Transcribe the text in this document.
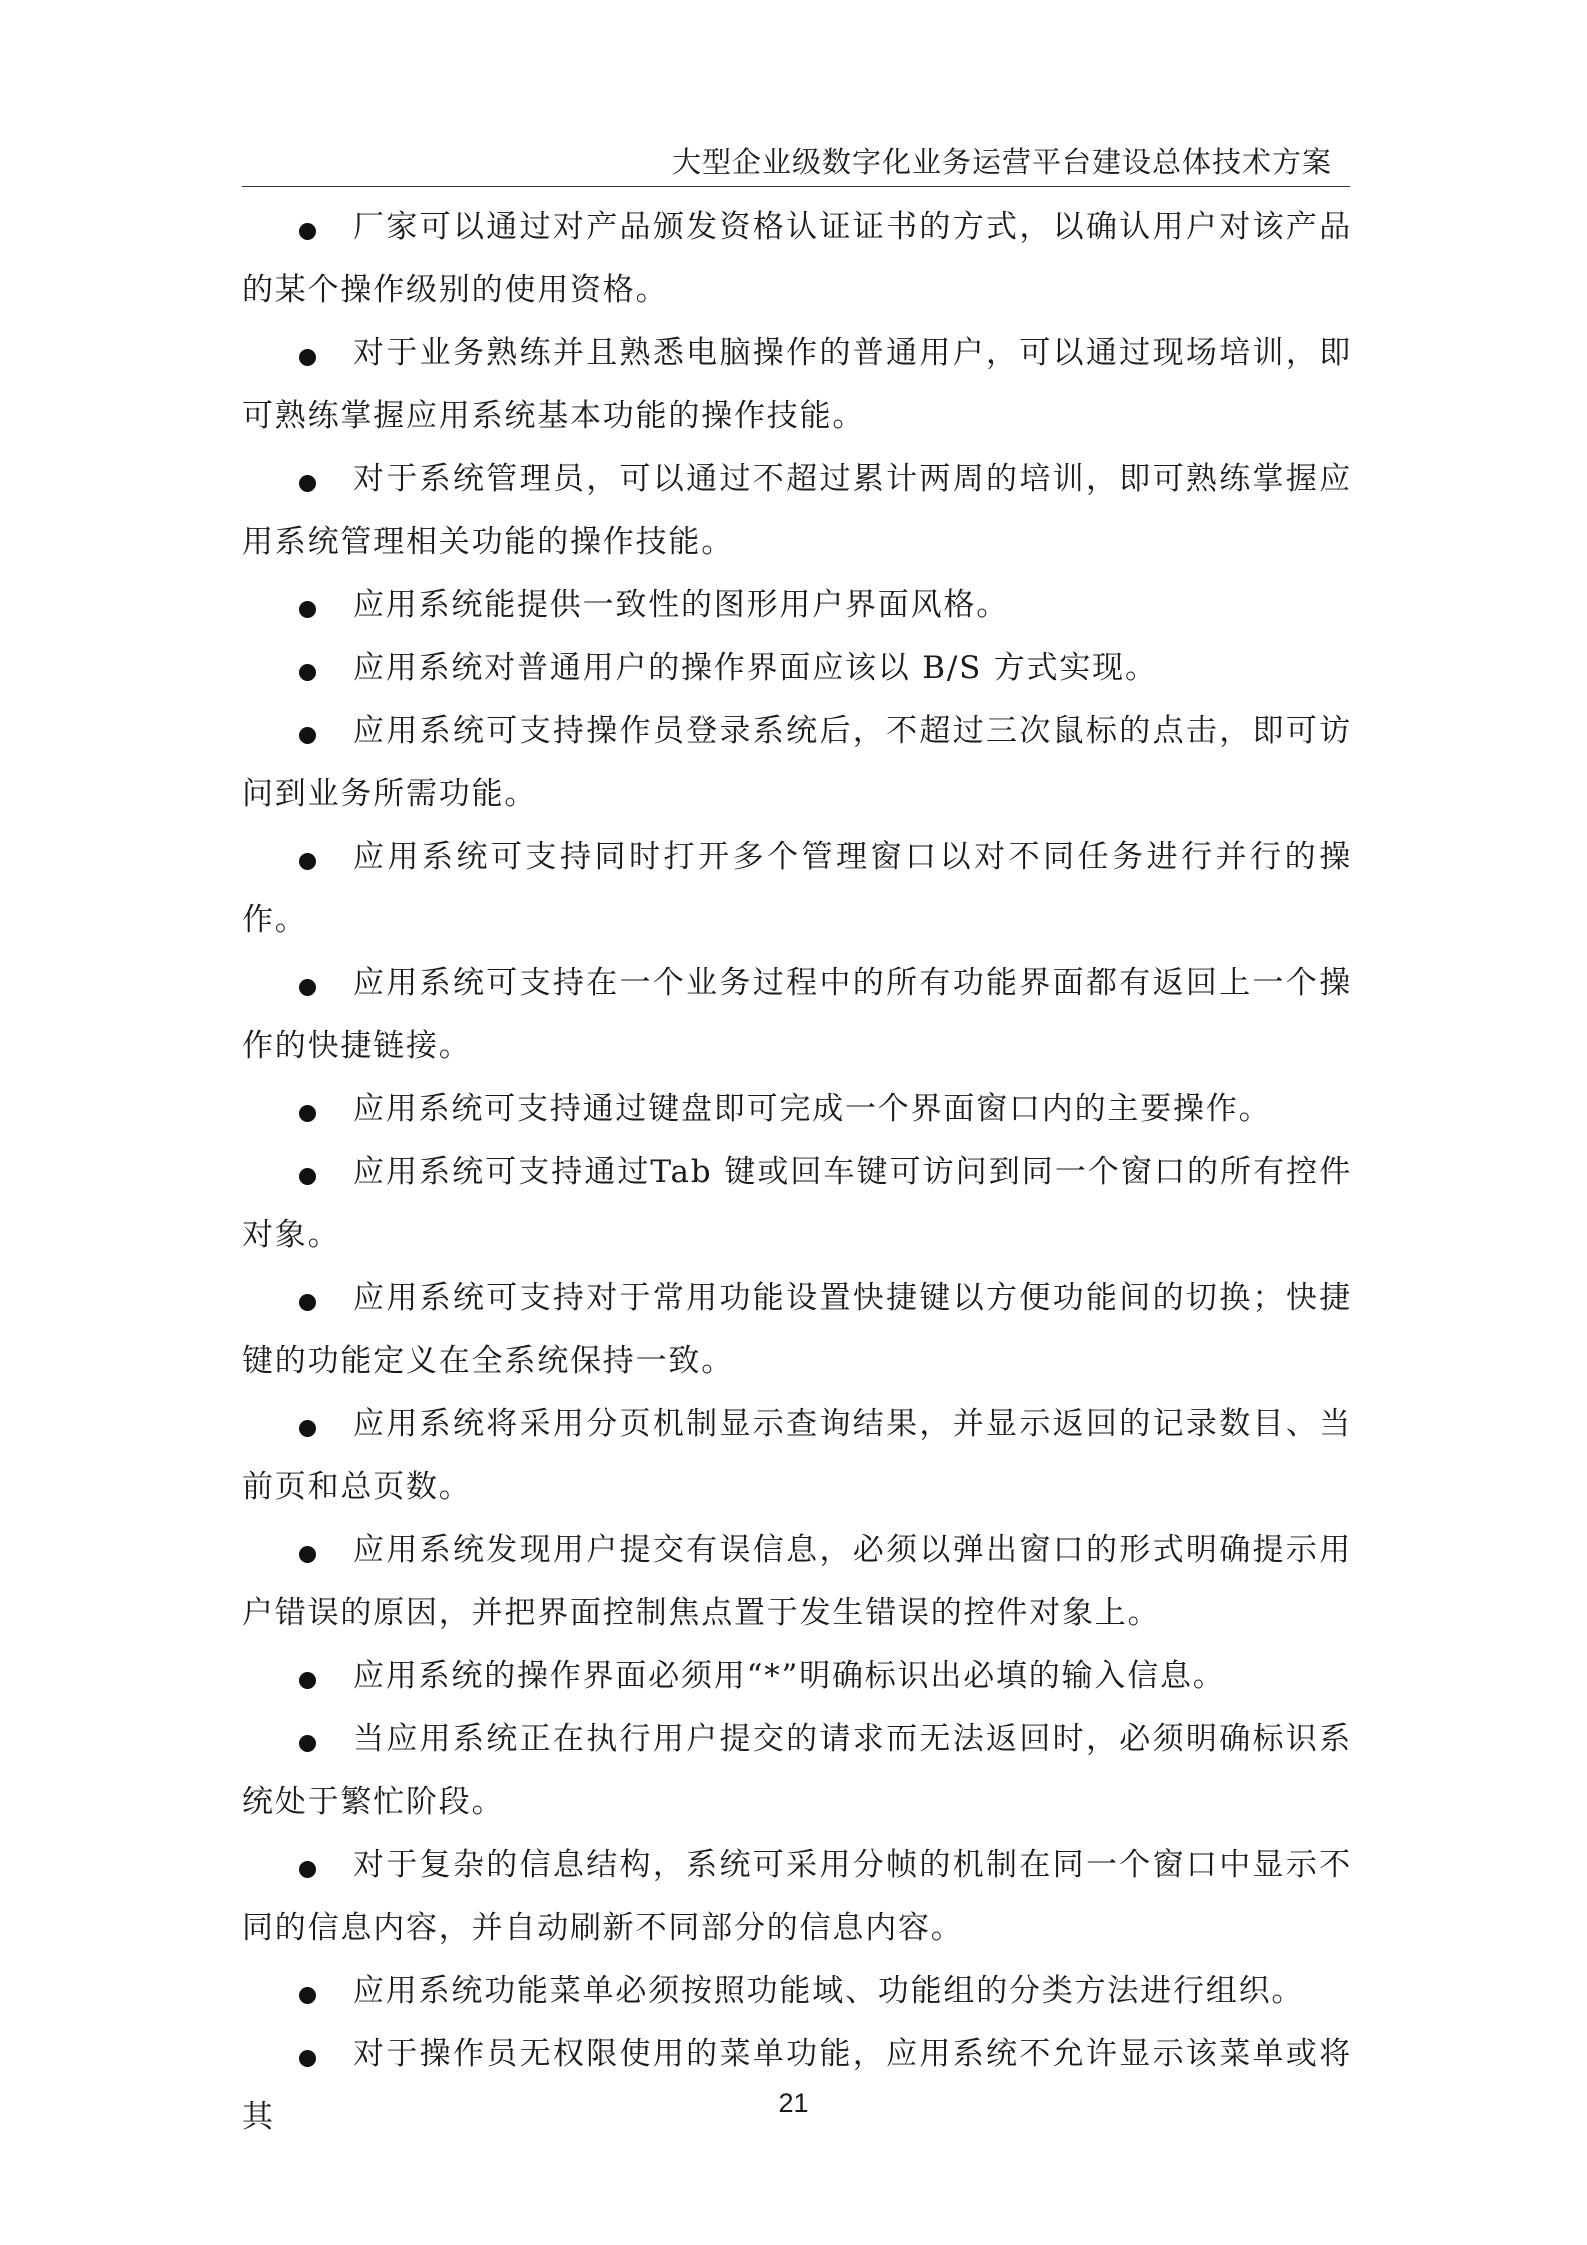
大型企业级数字化业务运营平台建设总体技术方案
厂家可以通过对产品颁发资格认证证书的方式，以确认用户对该产品的某个操作级别的使用资格。
对于业务熟练并且熟悉电脑操作的普通用户，可以通过现场培训，即可熟练掌握应用系统基本功能的操作技能。
对于系统管理员，可以通过不超过累计两周的培训，即可熟练掌握应用系统管理相关功能的操作技能。
应用系统能提供一致性的图形用户界面风格。
应用系统对普通用户的操作界面应该以 B/S 方式实现。
应用系统可支持操作员登录系统后，不超过三次鼠标的点击，即可访问到业务所需功能。
应用系统可支持同时打开多个管理窗口以对不同任务进行并行的操作。
应用系统可支持在一个业务过程中的所有功能界面都有返回上一个操作的快捷链接。
应用系统可支持通过键盘即可完成一个界面窗口内的主要操作。
应用系统可支持通过Tab 键或回车键可访问到同一个窗口的所有控件对象。
应用系统可支持对于常用功能设置快捷键以方便功能间的切换；快捷键的功能定义在全系统保持一致。
应用系统将采用分页机制显示查询结果，并显示返回的记录数目、当前页和总页数。
应用系统发现用户提交有误信息，必须以弹出窗口的形式明确提示用户错误的原因，并把界面控制焦点置于发生错误的控件对象上。
应用系统的操作界面必须用“*”明确标识出必填的输入信息。
当应用系统正在执行用户提交的请求而无法返回时，必须明确标识系统处于繁忙阶段。
对于复杂的信息结构，系统可采用分帧的机制在同一个窗口中显示不同的信息内容，并自动刷新不同部分的信息内容。
应用系统功能菜单必须按照功能域、功能组的分类方法进行组织。
对于操作员无权限使用的菜单功能，应用系统不允许显示该菜单或将其	21
